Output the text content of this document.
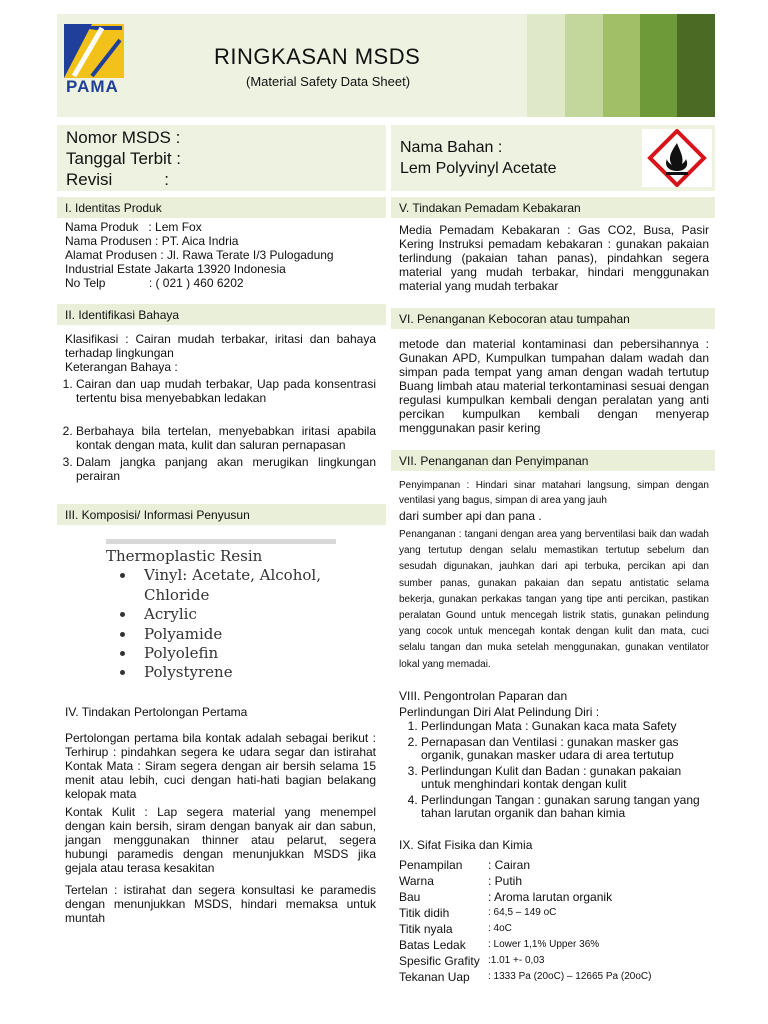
PAMA
RINGKASAN MSDS
(Material Safety Data Sheet)
Nomor MSDS :
Tanggal Terbit :
Revisi           :
Nama Bahan :
Lem Polyvinyl Acetate
I. Identitas Produk
Nama Produk   : Lem Fox
Nama Produsen : PT. Aica Indria
Alamat Produsen : Jl. Rawa Terate I/3 Pulogadung
Industrial Estate Jakarta 13920 Indonesia
No Telp             : ( 021 ) 460 6202
II. Identifikasi Bahaya
Klasifikasi : Cairan mudah terbakar, iritasi dan bahaya terhadap lingkungan
Keterangan Bahaya :
1. Cairan dan uap mudah terbakar, Uap pada konsentrasi tertentu bisa menyebabkan ledakan
2. Berbahaya bila tertelan, menyebabkan iritasi apabila kontak dengan mata, kulit dan saluran pernapasan
3. Dalam jangka panjang akan merugikan lingkungan perairan
III. Komposisi/ Informasi Penyusun
Thermoplastic Resin
• Vinyl: Acetate, Alcohol, Chloride
• Acrylic
• Polyamide
• Polyolefin
• Polystyrene
IV. Tindakan Pertolongan Pertama
Pertolongan pertama bila kontak adalah sebagai berikut : Terhirup : pindahkan segera ke udara segar dan istirahat Kontak Mata : Siram segera dengan air bersih selama 15 menit atau lebih, cuci dengan hati-hati bagian belakang kelopak mata
Kontak Kulit : Lap segera material yang menempel dengan kain bersih, siram dengan banyak air dan sabun, jangan menggunakan thinner atau pelarut, segera hubungi paramedis dengan menunjukkan MSDS jika gejala atau terasa kesakitan
Tertelan : istirahat dan segera konsultasi ke paramedis dengan menunjukkan MSDS, hindari memaksa untuk muntah
V. Tindakan Pemadam Kebakaran
Media Pemadam Kebakaran : Gas CO2, Busa, Pasir Kering Instruksi pemadam kebakaran : gunakan pakaian terlindung (pakaian tahan panas), pindahkan segera material yang mudah terbakar, hindari menggunakan material yang mudah terbakar
VI. Penanganan Kebocoran atau tumpahan
metode dan material kontaminasi dan pebersihannya : Gunakan APD, Kumpulkan tumpahan dalam wadah dan simpan pada tempat yang aman dengan wadah tertutup Buang limbah atau material terkontaminasi sesuai dengan regulasi kumpulkan kembali dengan peralatan yang anti percikan kumpulkan kembali dengan menyerap menggunakan pasir kering
VII. Penanganan dan Penyimpanan
Penyimpanan : Hindari sinar matahari langsung, simpan dengan ventilasi yang bagus, simpan di area yang jauh
dari sumber api dan pana .
Penanganan : tangani dengan area yang berventilasi baik dan wadah yang tertutup dengan selalu memastikan tertutup sebelum dan sesudah digunakan, jauhkan dari api terbuka, percikan api dan sumber panas, gunakan pakaian dan sepatu antistatic selama bekerja, gunakan perkakas tangan yang tipe anti percikan, pastikan peralatan Gound untuk mencegah listrik statis, gunakan pelindung yang cocok untuk mencegah kontak dengan kulit dan mata, cuci selalu tangan dan muka setelah menggunakan, gunakan ventilator lokal yang memadai.
VIII. Pengontrolan Paparan dan
Perlindungan Diri Alat Pelindung Diri :
1. Perlindungan Mata : Gunakan kaca mata Safety
2. Pernapasan dan Ventilasi : gunakan masker gas organik, gunakan masker udara di area tertutup
3. Perlindungan Kulit dan Badan : gunakan pakaian untuk menghindari kontak dengan kulit
4. Perlindungan Tangan : gunakan sarung tangan yang tahan larutan organik dan bahan kimia
IX. Sifat Fisika dan Kimia
Penampilan	: Cairan
Warna	: Putih
Bau	: Aroma larutan organik
Titik didih	: 64,5 – 149 oC
Titik nyala	: 4oC
Batas Ledak	: Lower 1,1% Upper 36%
Spesific Grafity	:1.01 +- 0,03
Tekanan Uap	: 1333 Pa (20oC) – 12665 Pa (20oC)
